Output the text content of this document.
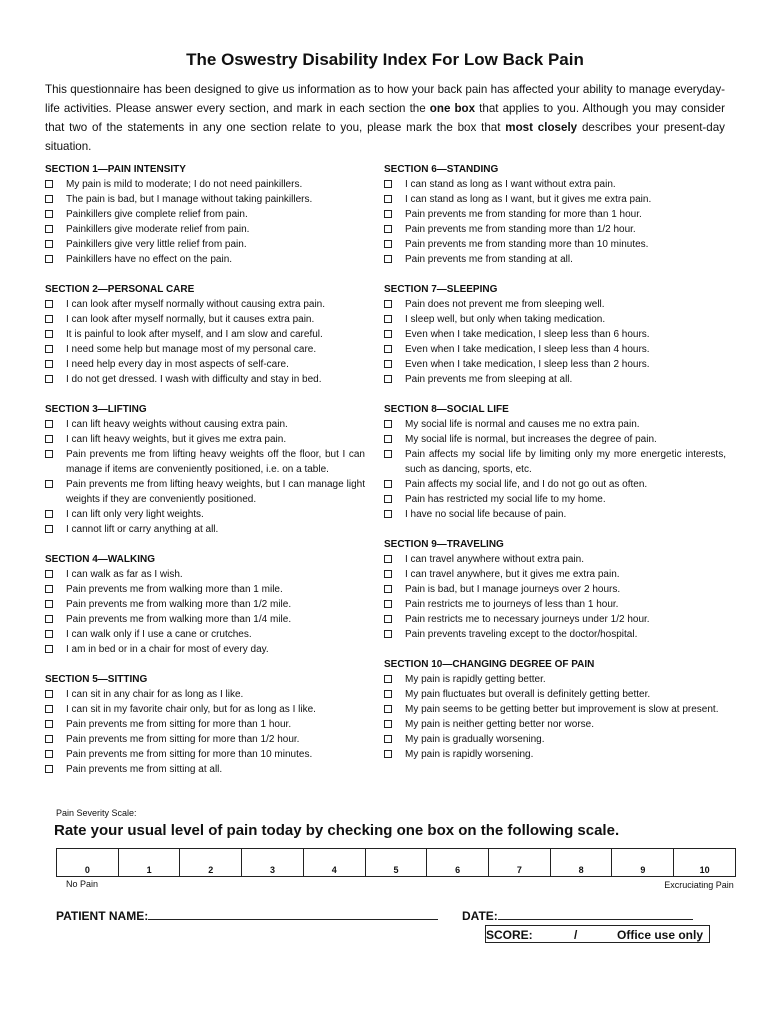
The Oswestry Disability Index For Low Back Pain
This questionnaire has been designed to give us information as to how your back pain has affected your ability to manage everyday-life activities. Please answer every section, and mark in each section the one box that applies to you. Although you may consider that two of the statements in any one section relate to you, please mark the box that most closely describes your present-day situation.
SECTION 1—PAIN INTENSITY
My pain is mild to moderate; I do not need painkillers.
The pain is bad, but I manage without taking painkillers.
Painkillers give complete relief from pain.
Painkillers give moderate relief from pain.
Painkillers give very little relief from pain.
Painkillers have no effect on the pain.
SECTION 2—PERSONAL CARE
I can look after myself normally without causing extra pain.
I can look after myself normally, but it causes extra pain.
It is painful to look after myself, and I am slow and careful.
I need some help but manage most of my personal care.
I need help every day in most aspects of self-care.
I do not get dressed. I wash with difficulty and stay in bed.
SECTION 3—LIFTING
I can lift heavy weights without causing extra pain.
I can lift heavy weights, but it gives me extra pain.
Pain prevents me from lifting heavy weights off the floor, but I can manage if items are conveniently positioned, i.e. on a table.
Pain prevents me from lifting heavy weights, but I can manage light weights if they are conveniently positioned.
I can lift only very light weights.
I cannot lift or carry anything at all.
SECTION 4—WALKING
I can walk as far as I wish.
Pain prevents me from walking more than 1 mile.
Pain prevents me from walking more than 1/2 mile.
Pain prevents me from walking more than 1/4 mile.
I can walk only if I use a cane or crutches.
I am in bed or in a chair for most of every day.
SECTION 5—SITTING
I can sit in any chair for as long as I like.
I can sit in my favorite chair only, but for as long as I like.
Pain prevents me from sitting for more than 1 hour.
Pain prevents me from sitting for more than 1/2 hour.
Pain prevents me from sitting for more than 10 minutes.
Pain prevents me from sitting at all.
SECTION 6—STANDING
I can stand as long as I want without extra pain.
I can stand as long as I want, but it gives me extra pain.
Pain prevents me from standing for more than 1 hour.
Pain prevents me from standing more than 1/2 hour.
Pain prevents me from standing more than 10 minutes.
Pain prevents me from standing at all.
SECTION 7—SLEEPING
Pain does not prevent me from sleeping well.
I sleep well, but only when taking medication.
Even when I take medication, I sleep less than 6 hours.
Even when I take medication, I sleep less than 4 hours.
Even when I take medication, I sleep less than 2 hours.
Pain prevents me from sleeping at all.
SECTION 8—SOCIAL LIFE
My social life is normal and causes me no extra pain.
My social life is normal, but increases the degree of pain.
Pain affects my social life by limiting only my more energetic interests, such as dancing, sports, etc.
Pain affects my social life, and I do not go out as often.
Pain has restricted my social life to my home.
I have no social life because of pain.
SECTION 9—TRAVELING
I can travel anywhere without extra pain.
I can travel anywhere, but it gives me extra pain.
Pain is bad, but I manage journeys over 2 hours.
Pain restricts me to journeys of less than 1 hour.
Pain restricts me to necessary journeys under 1/2 hour.
Pain prevents traveling except to the doctor/hospital.
SECTION 10—CHANGING DEGREE OF PAIN
My pain is rapidly getting better.
My pain fluctuates but overall is definitely getting better.
My pain seems to be getting better but improvement is slow at present.
My pain is neither getting better nor worse.
My pain is gradually worsening.
My pain is rapidly worsening.
Pain Severity Scale:
Rate your usual level of pain today by checking one box on the following scale.
0	1	2	3	4	5	6	7	8	9	10
No Pain	Excruciating Pain
PATIENT NAME:	DATE:
SCORE:	/	Office use only
